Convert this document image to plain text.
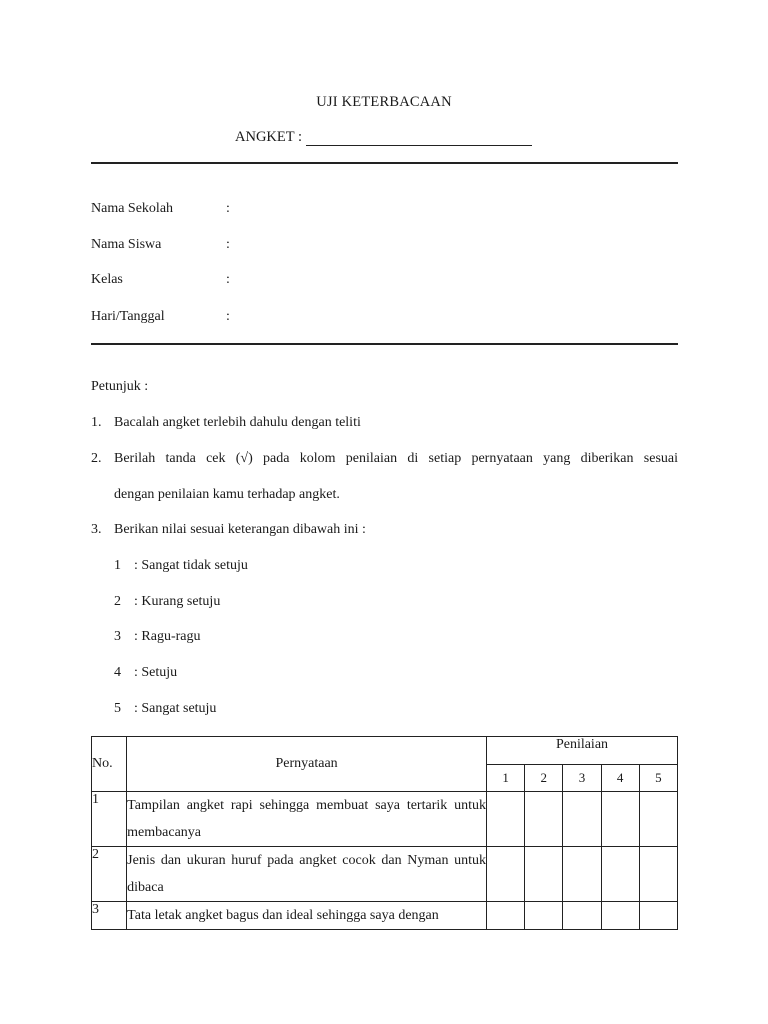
UJI KETERBACAAN
ANGKET :
Nama Sekolah	:
Nama Siswa	:
Kelas	:
Hari/Tanggal	:
Petunjuk :
1. Bacalah angket terlebih dahulu dengan teliti
2. Berilah tanda cek (√) pada kolom penilaian di setiap pernyataan yang diberikan sesuai
dengan penilaian kamu terhadap angket.
3. Berikan nilai sesuai keterangan dibawah ini :
1 : Sangat tidak setuju
2 : Kurang setuju
3 : Ragu-ragu
4 : Setuju
5 : Sangat setuju
No.	Pernyataan	Penilaian				
		1	2	3	4	5
1	Tampilan angket rapi sehingga membuat saya tertarik untuk membacanya					
2	Jenis dan ukuran huruf pada angket cocok dan Nyman untuk dibaca					
3	Tata letak angket bagus dan ideal sehingga saya dengan					
